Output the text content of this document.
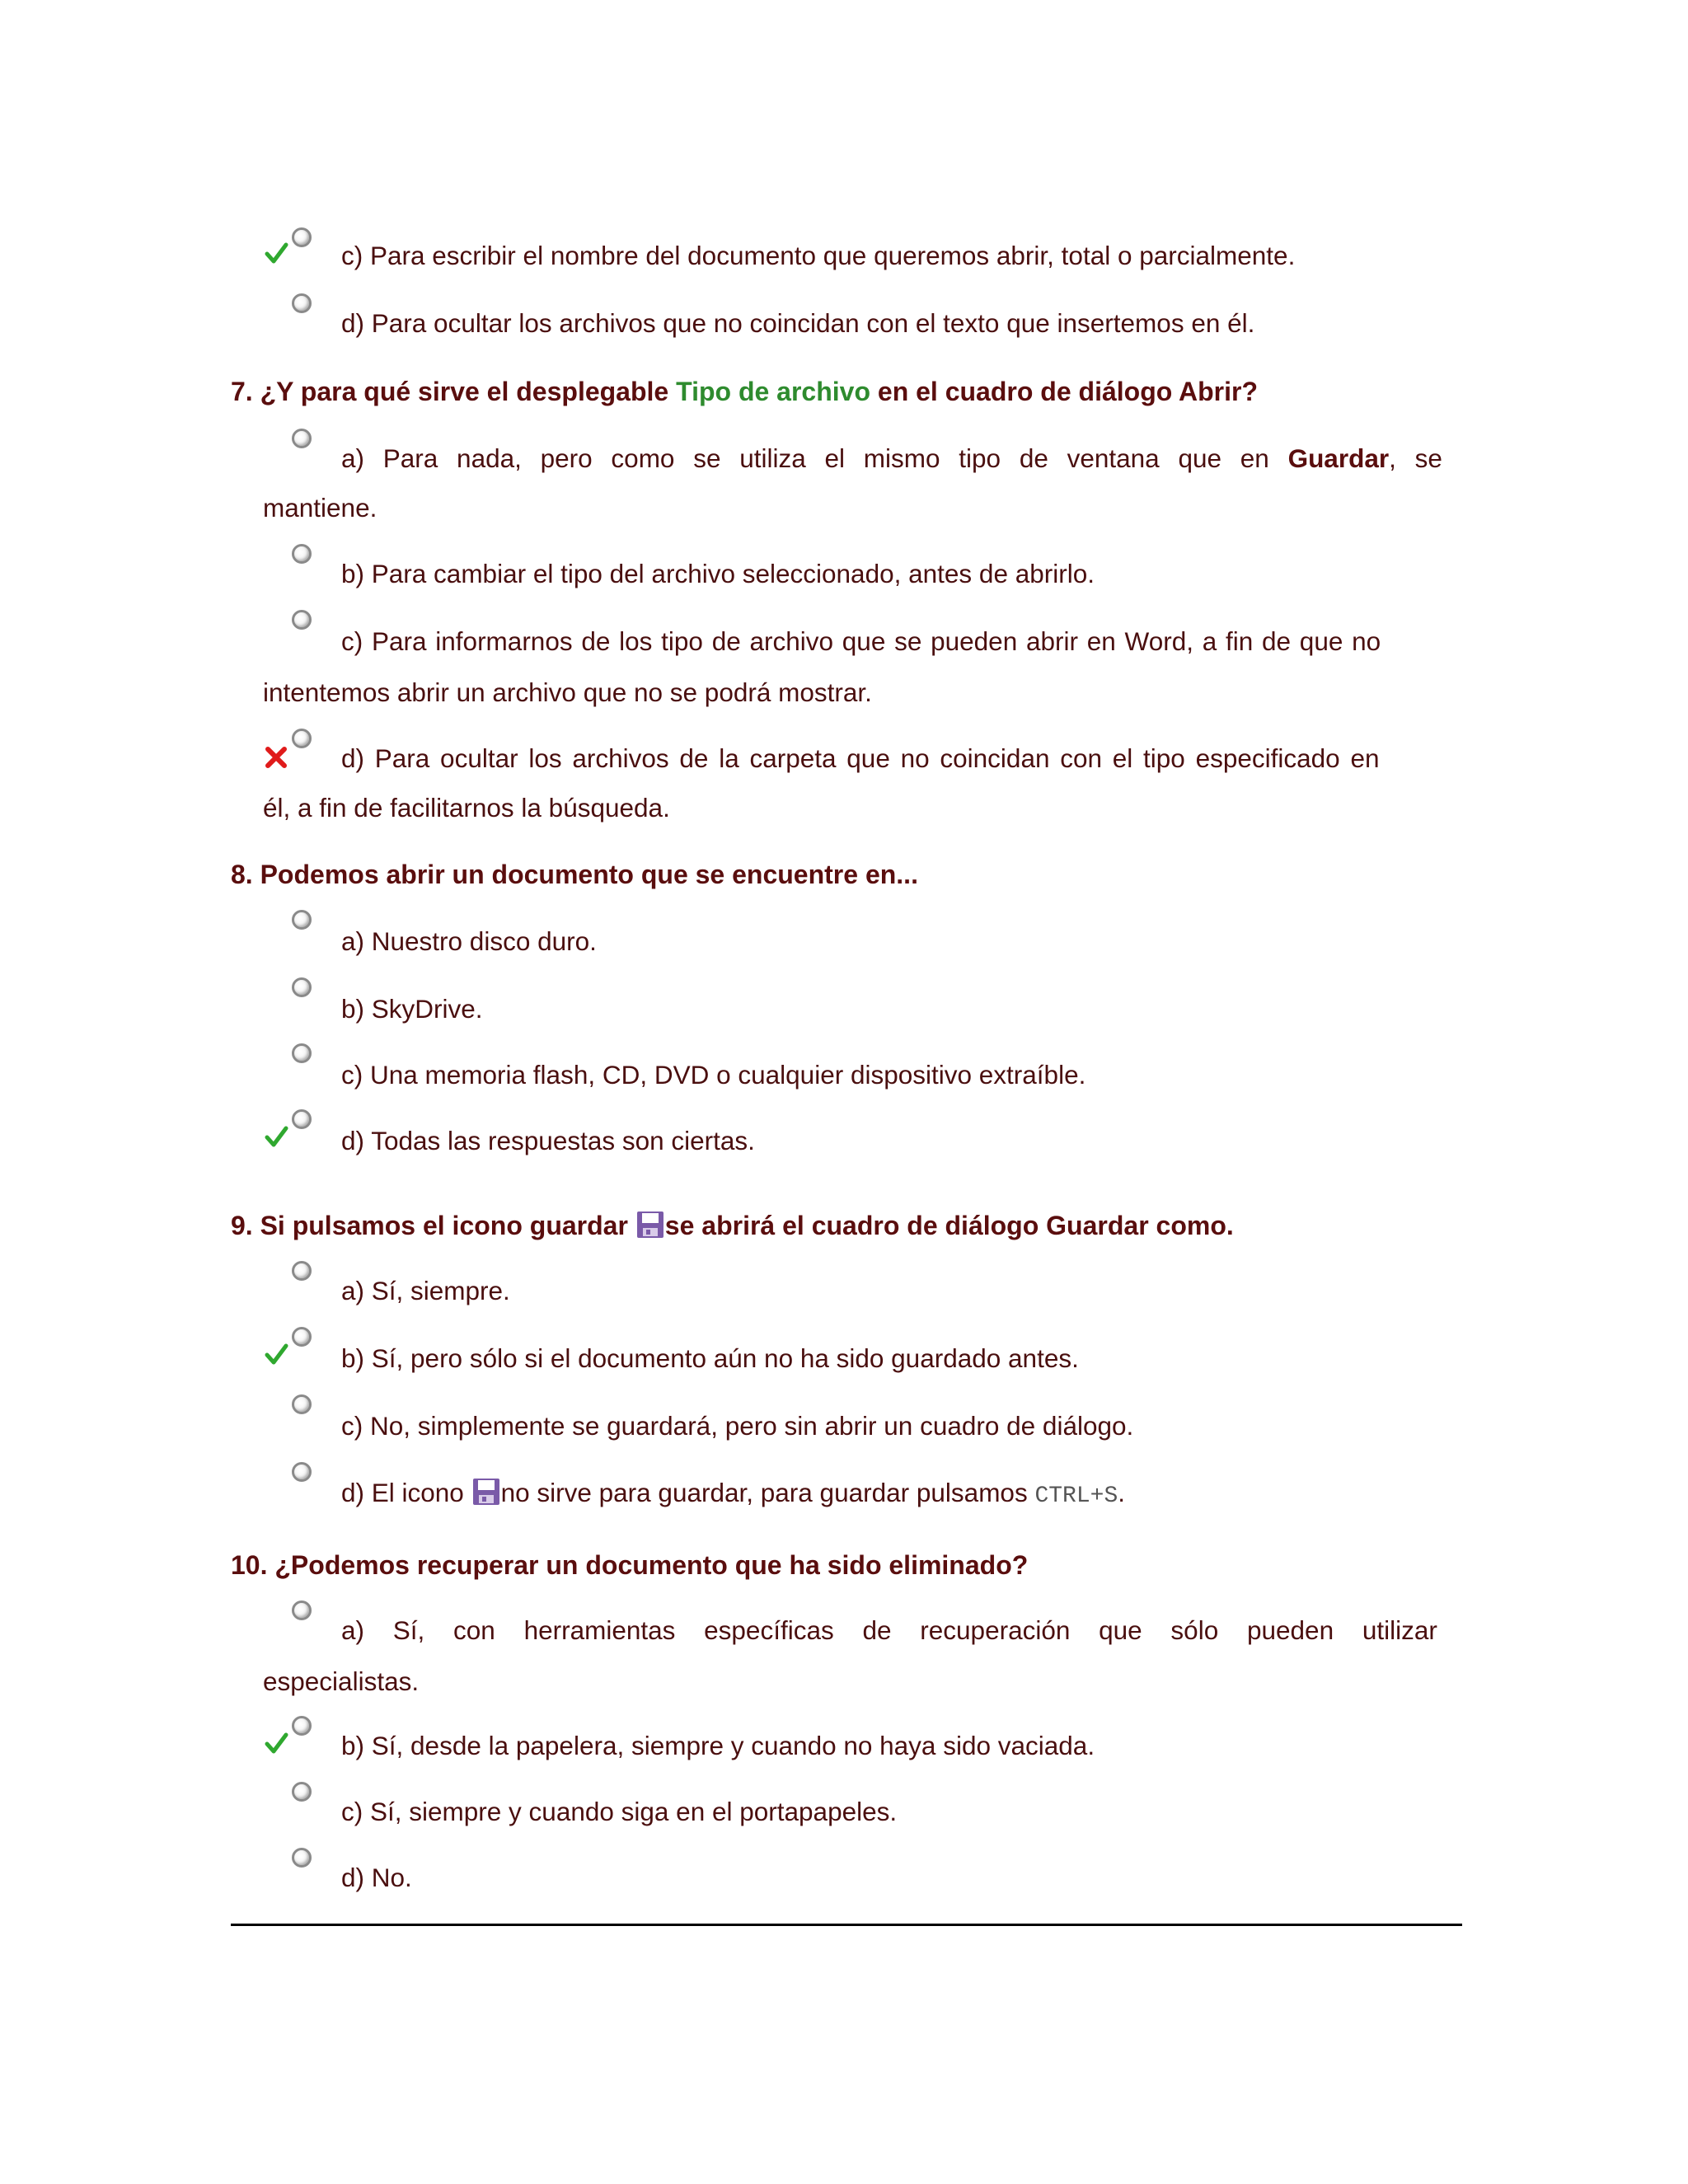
c) Para escribir el nombre del documento que queremos abrir, total o parcialmente.

d) Para ocultar los archivos que no coincidan con el texto que insertemos en él.

7. ¿Y para qué sirve el desplegable Tipo de archivo en el cuadro de diálogo Abrir?

a) Para nada, pero como se utiliza el mismo tipo de ventana que en Guardar, se

mantiene.

b) Para cambiar el tipo del archivo seleccionado, antes de abrirlo.

c) Para informarnos de los tipo de archivo que se pueden abrir en Word, a fin de que no

intentemos abrir un archivo que no se podrá mostrar.

d) Para ocultar los archivos de la carpeta que no coincidan con el tipo especificado en

él, a fin de facilitarnos la búsqueda.

8. Podemos abrir un documento que se encuentre en...

a) Nuestro disco duro.

b) SkyDrive.

c) Una memoria flash, CD, DVD o cualquier dispositivo extraíble.

d) Todas las respuestas son ciertas.

9. Si pulsamos el icono guardar se abrirá el cuadro de diálogo Guardar como.

a) Sí, siempre.

b) Sí, pero sólo si el documento aún no ha sido guardado antes.

c) No, simplemente se guardará, pero sin abrir un cuadro de diálogo.

d) El icono no sirve para guardar, para guardar pulsamos CTRL+S.

10. ¿Podemos recuperar un documento que ha sido eliminado?

a) Sí, con herramientas específicas de recuperación que sólo pueden utilizar

especialistas.

b) Sí, desde la papelera, siempre y cuando no haya sido vaciada.

c) Sí, siempre y cuando siga en el portapapeles.

d) No.
